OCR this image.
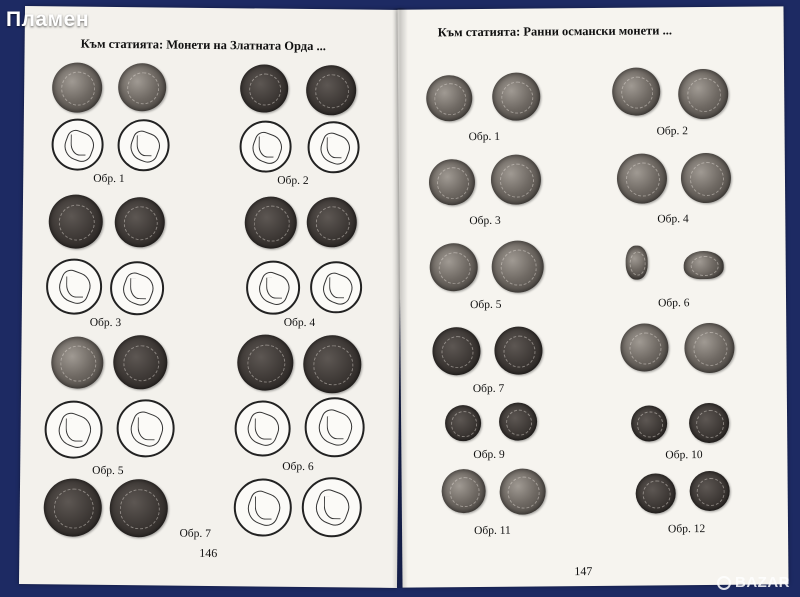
Пламен
Към статията: Монети на Златната Орда ...
Обр. 1	Обр. 2
Обр. 3	Обр. 4
Обр. 5	Обр. 6
Обр. 7
146
Към статията: Ранни османски монети ...
Обр. 1	Обр. 2
Обр. 3	Обр. 4
Обр. 5	Обр. 6
Обр. 7
Обр. 9	Обр. 10
Обр. 11	Обр. 12
147
BAZAR
